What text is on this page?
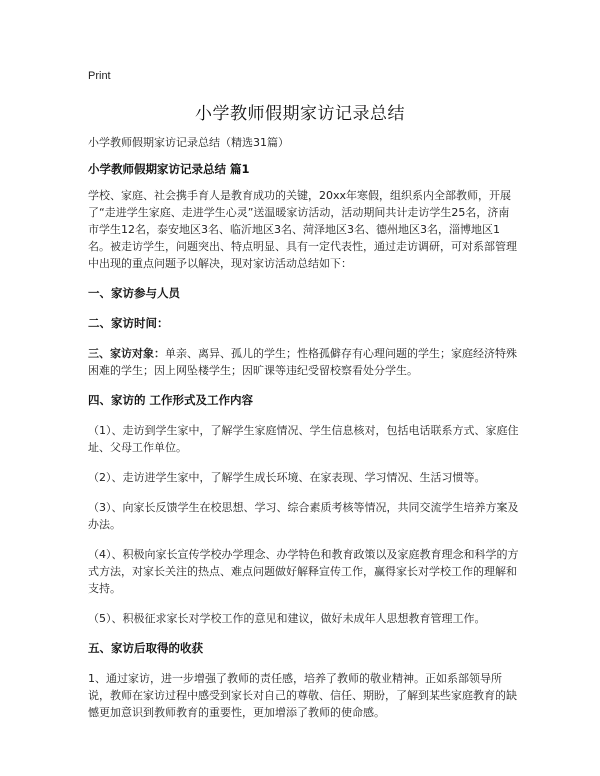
Print
小学教师假期家访记录总结

小学教师假期家访记录总结（精选31篇）

小学教师假期家访记录总结 篇1

学校、家庭、社会携手育人是教育成功的关键，20xx年寒假，组织系内全部教师，开展了“走进学生家庭、走进学生心灵”送温暖家访活动，活动期间共计走访学生25名，济南市学生12名，泰安地区3名、临沂地区3名、菏泽地区3名、德州地区3名，淄博地区1名。被走访学生，问题突出、特点明显、具有一定代表性，通过走访调研，可对系部管理中出现的重点问题予以解决，现对家访活动总结如下：

一、家访参与人员

二、家访时间：

三、家访对象：单亲、离异、孤儿的学生；性格孤僻存有心理问题的学生；家庭经济特殊困难的学生；因上网坠楼学生；因旷课等违纪受留校察看处分学生。

四、家访的 工作形式及工作内容

（1）、走访到学生家中，了解学生家庭情况、学生信息核对，包括电话联系方式、家庭住址、父母工作单位。

（2）、走访进学生家中，了解学生成长环境、在家表现、学习情况、生活习惯等。

（3）、向家长反馈学生在校思想、学习、综合素质考核等情况，共同交流学生培养方案及办法。

（4）、积极向家长宣传学校办学理念、办学特色和教育政策以及家庭教育理念和科学的方式方法，对家长关注的热点、难点问题做好解释宣传工作，赢得家长对学校工作的理解和支持。

（5）、积极征求家长对学校工作的意见和建议，做好未成年人思想教育管理工作。

五、家访后取得的收获

1、通过家访，进一步增强了教师的责任感，培养了教师的敬业精神。正如系部领导所说，教师在家访过程中感受到家长对自己的尊敬、信任、期盼，了解到某些家庭教育的缺憾更加意识到教师教育的重要性，更加增添了教师的使命感。
